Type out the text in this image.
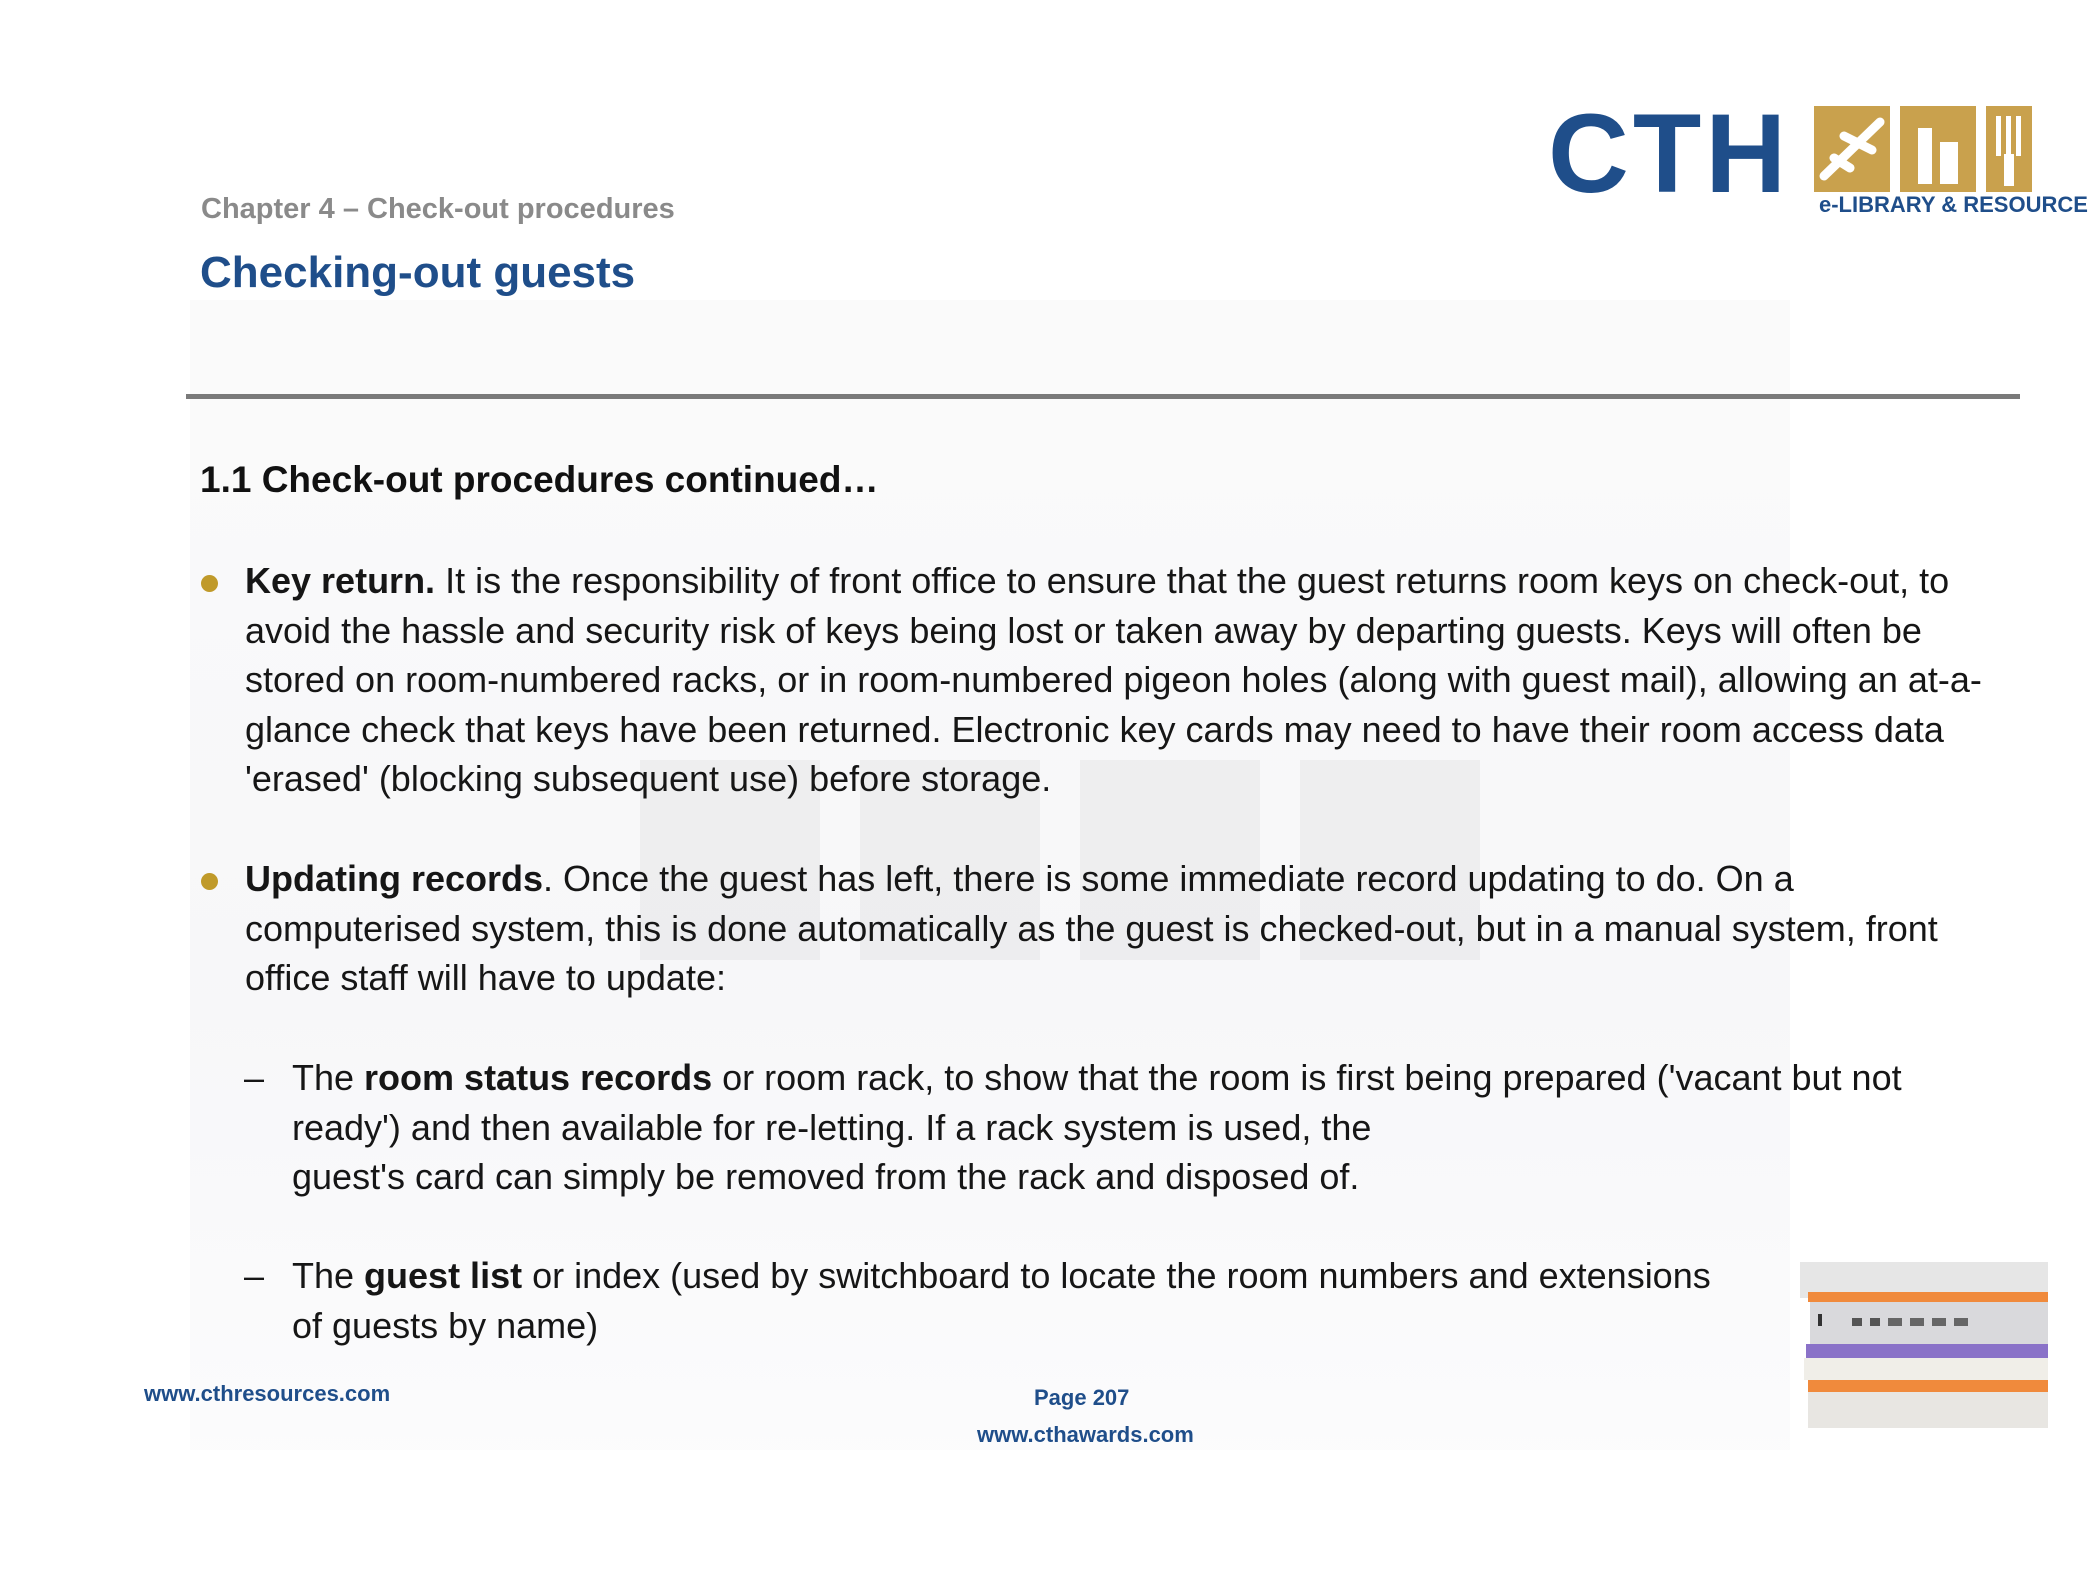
Chapter 4 – Check-out procedures
Checking-out guests
CTH e-LIBRARY & RESOURCE
1.1 Check-out procedures continued…
Key return. It is the responsibility of front office to ensure that the guest returns room keys on check-out, to avoid the hassle and security risk of keys being lost or taken away by departing guests. Keys will often be stored on room-numbered racks, or in room-numbered pigeon holes (along with guest mail), allowing an at-a-glance check that keys have been returned. Electronic key cards may need to have their room access data 'erased' (blocking subsequent use) before storage.
Updating records. Once the guest has left, there is some immediate record updating to do. On a computerised system, this is done automatically as the guest is checked-out, but in a manual system, front office staff will have to update:
– The room status records or room rack, to show that the room is first being prepared ('vacant but not ready') and then available for re-letting. If a rack system is used, the
guest's card can simply be removed from the rack and disposed of.
– The guest list or index (used by switchboard to locate the room numbers and extensions
of guests by name)
www.cthresources.com	Page 207
www.cthawards.com
